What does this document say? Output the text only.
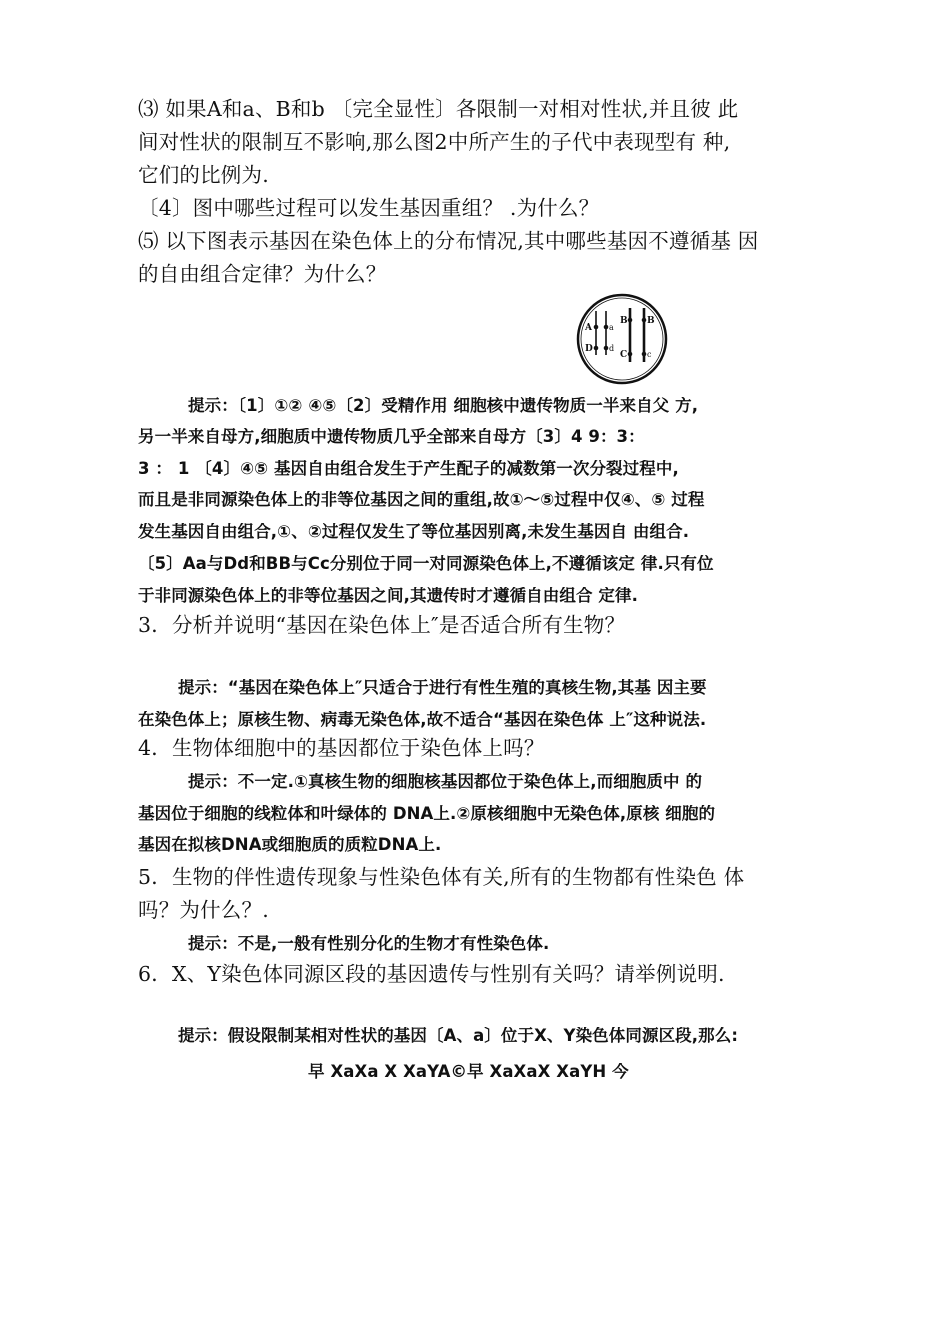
⑶ 如果A和a、B和b 〔完全显性〕各限制一对相对性状,并且彼 此

间对性状的限制互不影响,那么图2中所产生的子代中表现型有 种,

它们的比例为.

〔4〕图中哪些过程可以发生基因重组？ .为什么？

⑸ 以下图表示基因在染色体上的分布情况,其中哪些基因不遵循基 因

的自由组合定律？为什么？

A a
D d
B B
C c

提示：〔1〕①② ④⑤〔2〕受精作用 细胞核中遗传物质一半来自父 方,

另一半来自母方,细胞质中遗传物质几乎全部来自母方〔3〕4 9：3：

3 ： 1 〔4〕④⑤ 基因自由组合发生于产生配子的减数第一次分裂过程中,

而且是非同源染色体上的非等位基因之间的重组,故①～⑤过程中仅④、⑤ 过程

发生基因自由组合,①、②过程仅发生了等位基因别离,未发生基因自 由组合.

〔5〕Aa与Dd和BB与Cc分别位于同一对同源染色体上,不遵循该定 律.只有位

于非同源染色体上的非等位基因之间,其遗传时才遵循自由组合 定律.

3．分析并说明“基因在染色体上″是否适合所有生物？

提示：“基因在染色体上″只适合于进行有性生殖的真核生物,其基 因主要

在染色体上；原核生物、病毒无染色体,故不适合“基因在染色体 上″这种说法.

4．生物体细胞中的基因都位于染色体上吗？

提示：不一定.①真核生物的细胞核基因都位于染色体上,而细胞质中 的

基因位于细胞的线粒体和叶绿体的 DNA上.②原核细胞中无染色体,原核 细胞的

基因在拟核DNA或细胞质的质粒DNA上.

5．生物的伴性遗传现象与性染色体有关,所有的生物都有性染色 体

吗？为什么？.

提示：不是,一般有性别分化的生物才有性染色体.

6．X、Y染色体同源区段的基因遗传与性别有关吗？请举例说明.

提示：假设限制某相对性状的基因〔A、a〕位于X、Y染色体同源区段,那么:

早 XaXa X XaYA©早 XaXaX XaYH 今
